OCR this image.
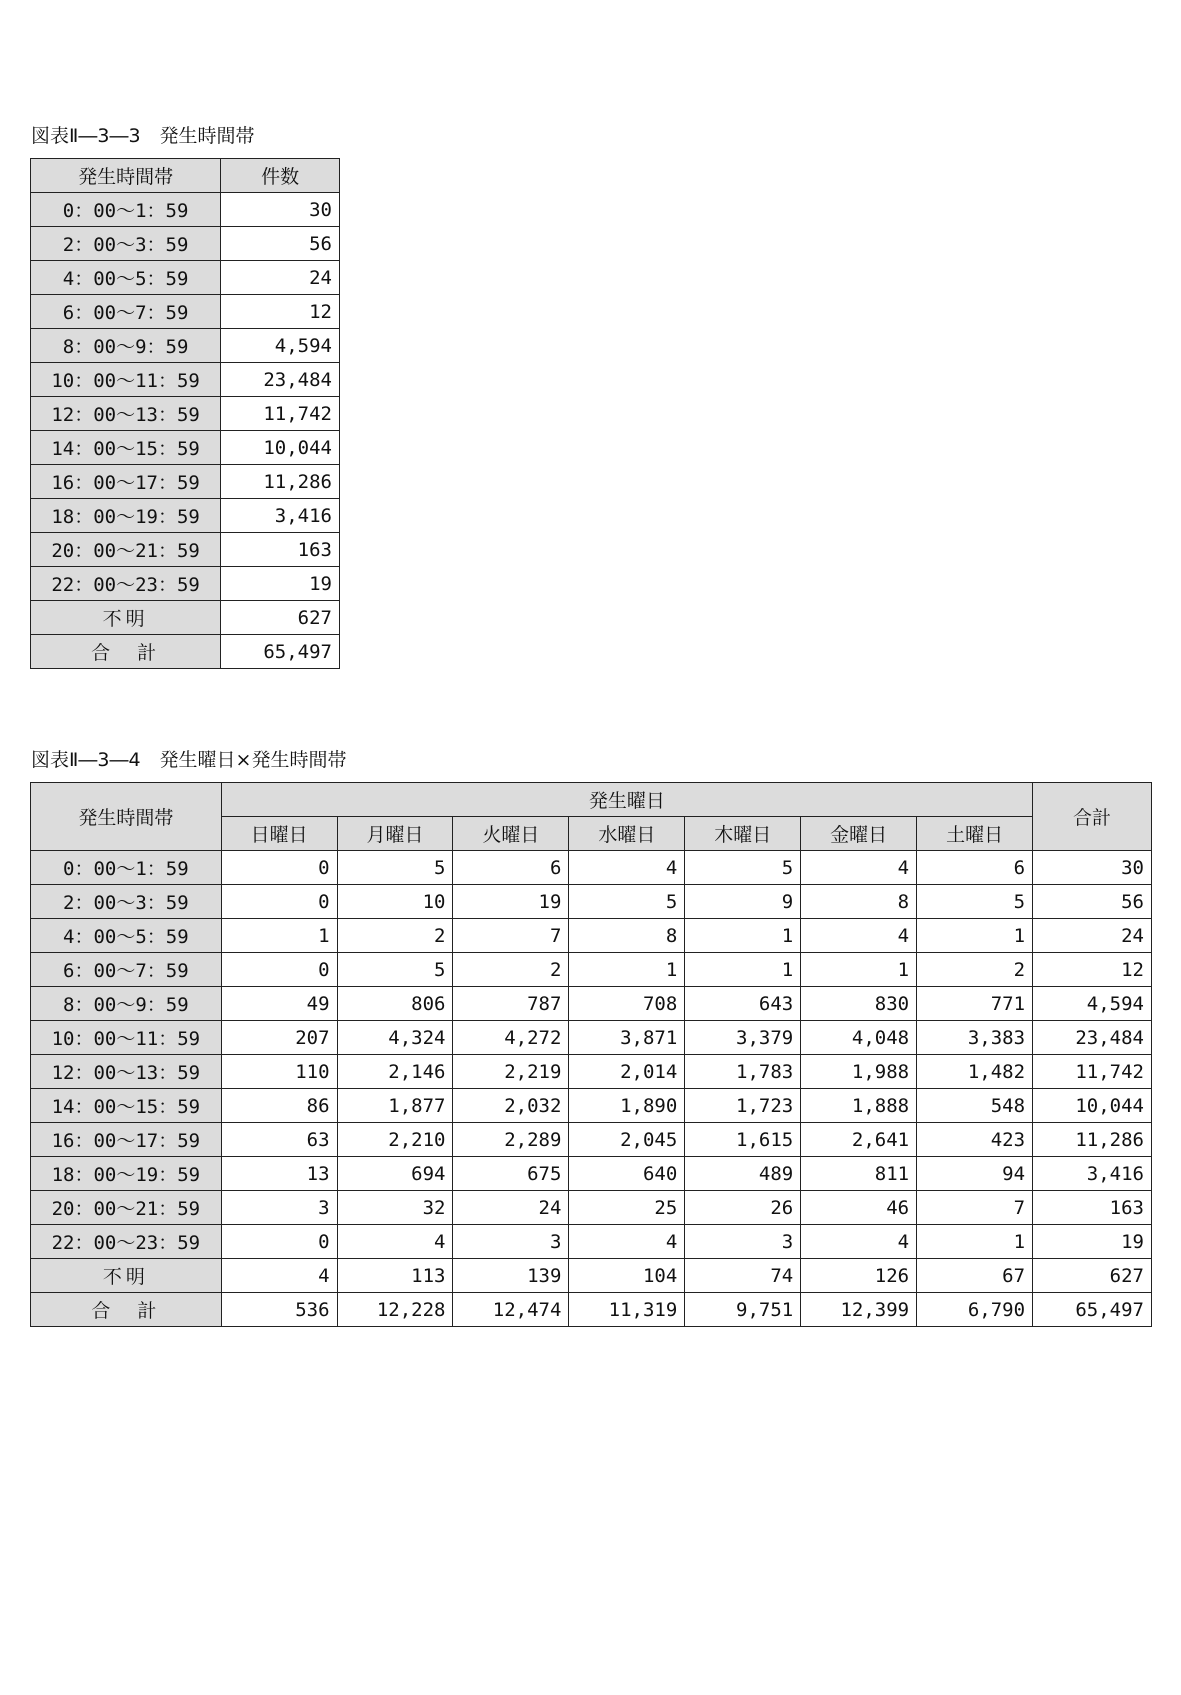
図表Ⅱ―3―3　発生時間帯
発生時間帯	件数
0：00～1：59	30
2：00～3：59	56
4：00～5：59	24
6：00～7：59	12
8：00～9：59	4,594
10：00～11：59	23,484
12：00～13：59	11,742
14：00～15：59	10,044
16：00～17：59	11,286
18：00～19：59	3,416
20：00～21：59	163
22：00～23：59	19
不明	627
合　計	65,497
図表Ⅱ―3―4　発生曜日×発生時間帯
発生時間帯	発生曜日							合計
	日曜日	月曜日	火曜日	水曜日	木曜日	金曜日	土曜日	
0：00～1：59	0	5	6	4	5	4	6	30
2：00～3：59	0	10	19	5	9	8	5	56
4：00～5：59	1	2	7	8	1	4	1	24
6：00～7：59	0	5	2	1	1	1	2	12
8：00～9：59	49	806	787	708	643	830	771	4,594
10：00～11：59	207	4,324	4,272	3,871	3,379	4,048	3,383	23,484
12：00～13：59	110	2,146	2,219	2,014	1,783	1,988	1,482	11,742
14：00～15：59	86	1,877	2,032	1,890	1,723	1,888	548	10,044
16：00～17：59	63	2,210	2,289	2,045	1,615	2,641	423	11,286
18：00～19：59	13	694	675	640	489	811	94	3,416
20：00～21：59	3	32	24	25	26	46	7	163
22：00～23：59	0	4	3	4	3	4	1	19
不明	4	113	139	104	74	126	67	627
合　計	536	12,228	12,474	11,319	9,751	12,399	6,790	65,497
